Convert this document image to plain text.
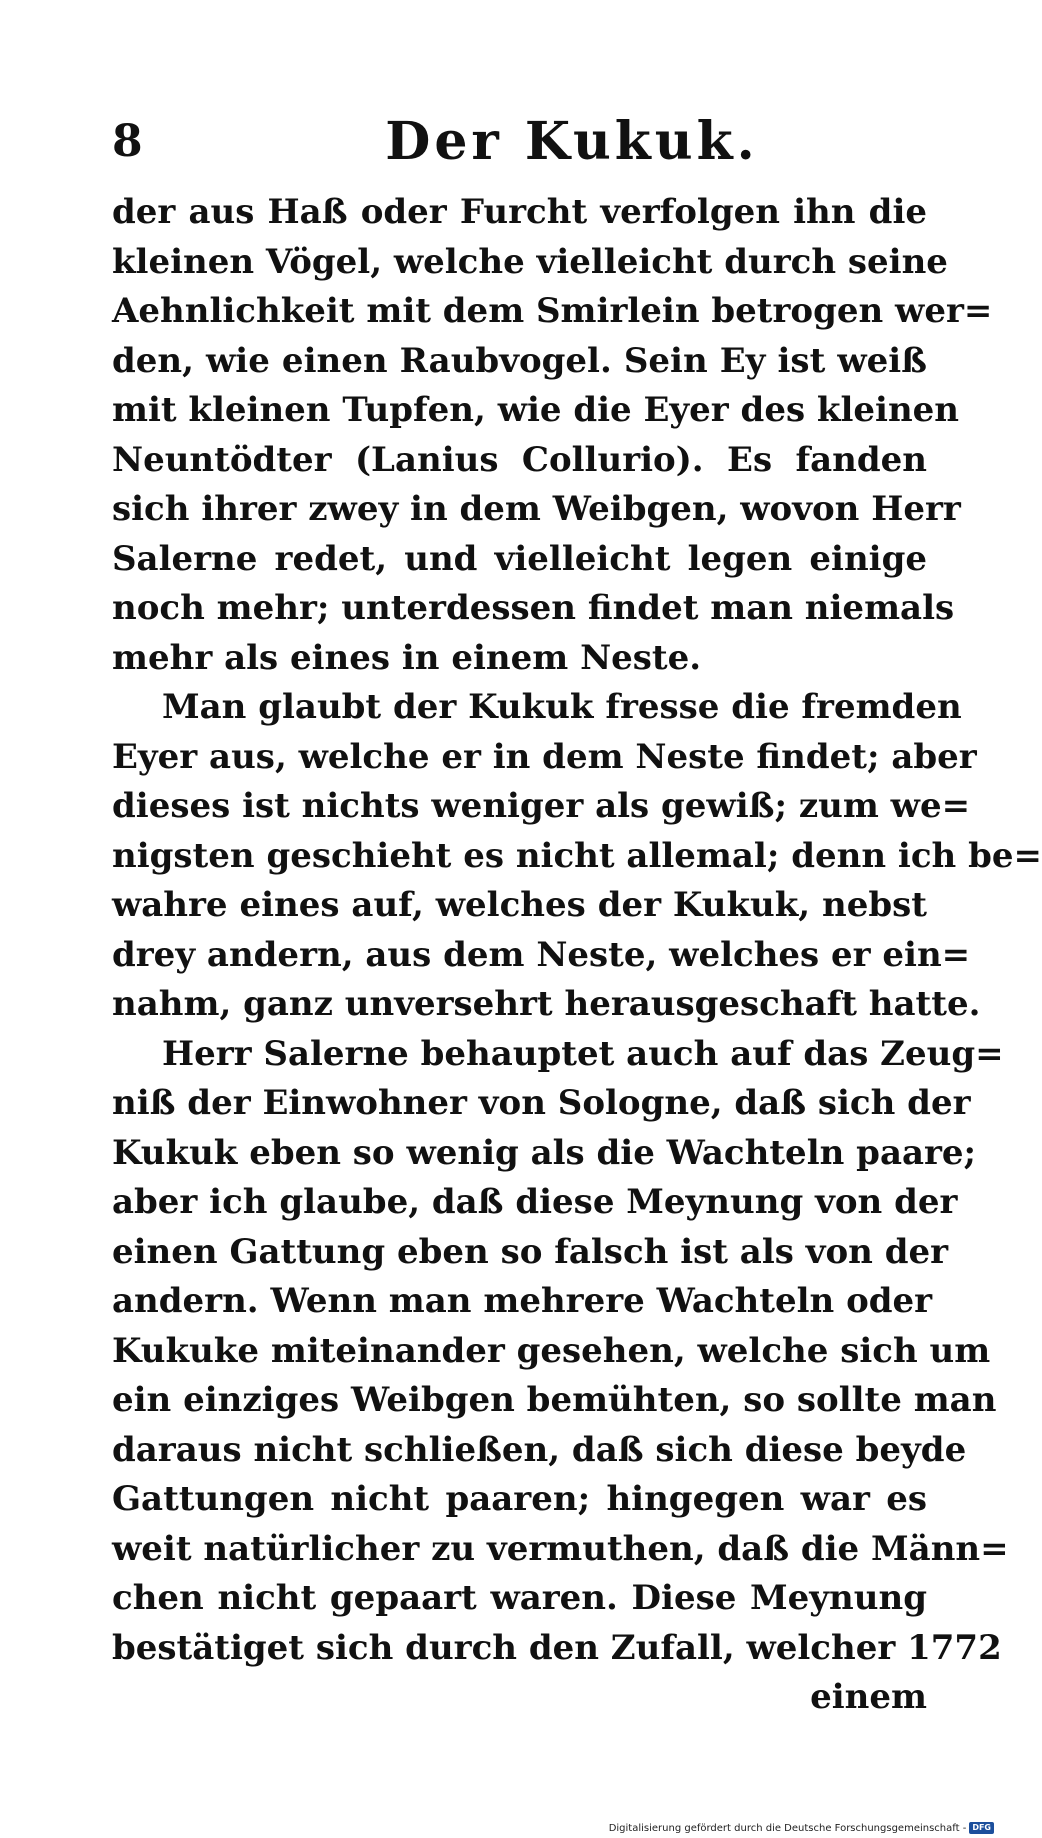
8	Der Kukuk.
der aus Haß oder Furcht verfolgen ihn die
kleinen Vögel, welche vielleicht durch seine
Aehnlichkeit mit dem Smirlein betrogen wer=
den, wie einen Raubvogel. Sein Ey ist weiß
mit kleinen Tupfen, wie die Eyer des kleinen
Neuntödter (Lanius Collurio). Es fanden
sich ihrer zwey in dem Weibgen, wovon Herr
Salerne redet, und vielleicht legen einige
noch mehr; unterdessen findet man niemals
mehr als eines in einem Neste.
Man glaubt der Kukuk fresse die fremden
Eyer aus, welche er in dem Neste findet; aber
dieses ist nichts weniger als gewiß; zum we=
nigsten geschieht es nicht allemal; denn ich be=
wahre eines auf, welches der Kukuk, nebst
drey andern, aus dem Neste, welches er ein=
nahm, ganz unversehrt herausgeschaft hatte.
Herr Salerne behauptet auch auf das Zeug=
niß der Einwohner von Sologne, daß sich der
Kukuk eben so wenig als die Wachteln paare;
aber ich glaube, daß diese Meynung von der
einen Gattung eben so falsch ist als von der
andern. Wenn man mehrere Wachteln oder
Kukuke miteinander gesehen, welche sich um
ein einziges Weibgen bemühten, so sollte man
daraus nicht schließen, daß sich diese beyde
Gattungen nicht paaren; hingegen war es
weit natürlicher zu vermuthen, daß die Männ=
chen nicht gepaart waren. Diese Meynung
bestätiget sich durch den Zufall, welcher 1772
einem
Digitalisierung gefördert durch die Deutsche Forschungsgemeinschaft - DFG
